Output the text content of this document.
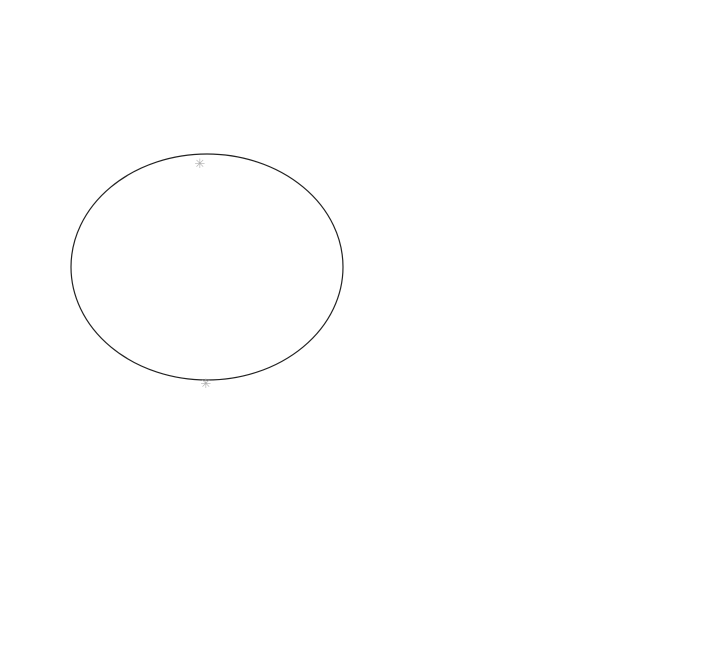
✳
✳
